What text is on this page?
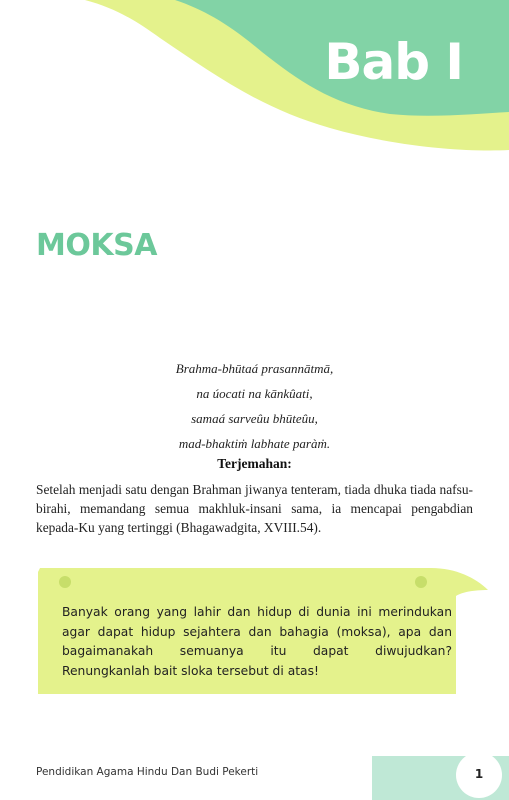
Bab I
MOKSA
Brahma-bhūtaá prasannātmā,
na úocati na kānkûati,
samaá sarveûu bhūteûu,
mad-bhaktiṁ labhate paràṁ.
Terjemahan:
Setelah menjadi satu dengan Brahman jiwanya tenteram, tiada dhuka tiada nafsu-birahi, memandang semua makhluk-insani sama, ia mencapai pengabdian kepada-Ku yang tertinggi (Bhagawadgita, XVIII.54).
Banyak orang yang lahir dan hidup di dunia ini merindukan agar dapat hidup sejahtera dan bahagia (moksa), apa dan bagaimanakah semuanya itu dapat diwujudkan? Renungkanlah bait sloka tersebut di atas!
Pendidikan Agama Hindu Dan Budi Pekerti	1
